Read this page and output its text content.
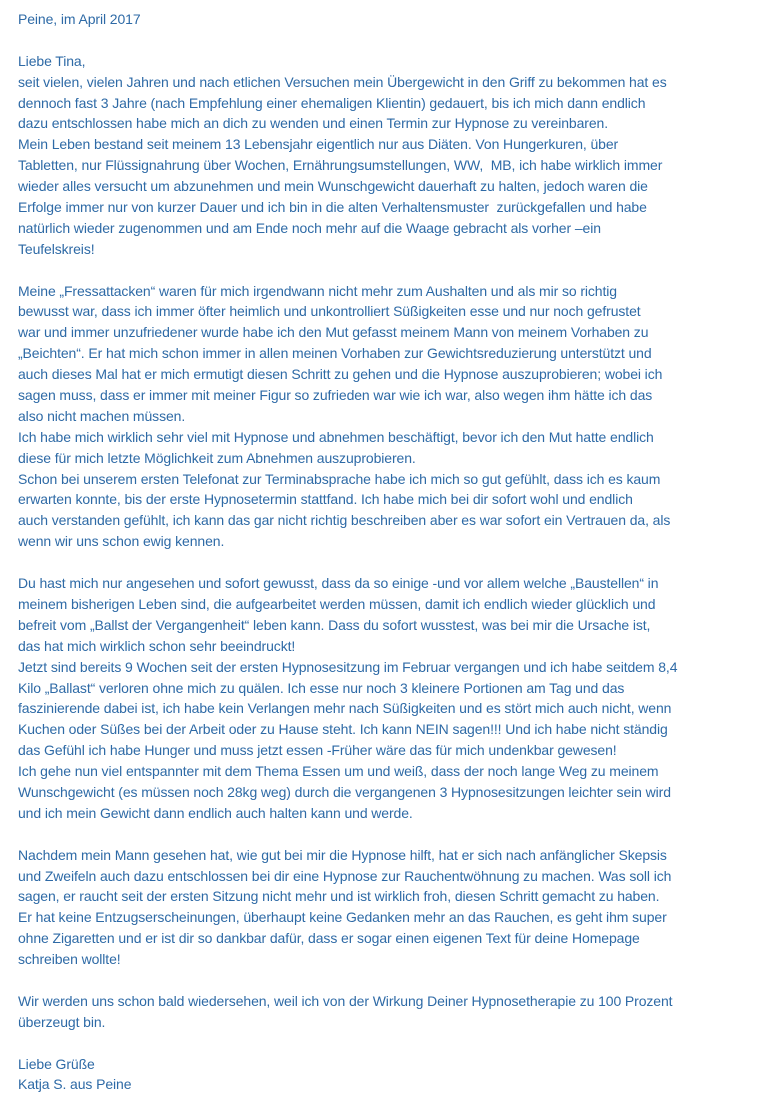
Peine, im April 2017
Liebe Tina,
seit vielen, vielen Jahren und nach etlichen Versuchen mein Übergewicht in den Griff zu bekommen hat es
dennoch fast 3 Jahre (nach Empfehlung einer ehemaligen Klientin) gedauert, bis ich mich dann endlich
dazu entschlossen habe mich an dich zu wenden und einen Termin zur Hypnose zu vereinbaren.
Mein Leben bestand seit meinem 13 Lebensjahr eigentlich nur aus Diäten. Von Hungerkuren, über
Tabletten, nur Flüssignahrung über Wochen, Ernährungsumstellungen, WW,  MB, ich habe wirklich immer
wieder alles versucht um abzunehmen und mein Wunschgewicht dauerhaft zu halten, jedoch waren die
Erfolge immer nur von kurzer Dauer und ich bin in die alten Verhaltensmuster  zurückgefallen und habe
natürlich wieder zugenommen und am Ende noch mehr auf die Waage gebracht als vorher –ein
Teufelskreis!
Meine „Fressattacken“ waren für mich irgendwann nicht mehr zum Aushalten und als mir so richtig
bewusst war, dass ich immer öfter heimlich und unkontrolliert Süßigkeiten esse und nur noch gefrustet
war und immer unzufriedener wurde habe ich den Mut gefasst meinem Mann von meinem Vorhaben zu
„Beichten“. Er hat mich schon immer in allen meinen Vorhaben zur Gewichtsreduzierung unterstützt und
auch dieses Mal hat er mich ermutigt diesen Schritt zu gehen und die Hypnose auszuprobieren; wobei ich
sagen muss, dass er immer mit meiner Figur so zufrieden war wie ich war, also wegen ihm hätte ich das
also nicht machen müssen.
Ich habe mich wirklich sehr viel mit Hypnose und abnehmen beschäftigt, bevor ich den Mut hatte endlich
diese für mich letzte Möglichkeit zum Abnehmen auszuprobieren.
Schon bei unserem ersten Telefonat zur Terminabsprache habe ich mich so gut gefühlt, dass ich es kaum
erwarten konnte, bis der erste Hypnosetermin stattfand. Ich habe mich bei dir sofort wohl und endlich
auch verstanden gefühlt, ich kann das gar nicht richtig beschreiben aber es war sofort ein Vertrauen da, als
wenn wir uns schon ewig kennen.
Du hast mich nur angesehen und sofort gewusst, dass da so einige -und vor allem welche „Baustellen“ in
meinem bisherigen Leben sind, die aufgearbeitet werden müssen, damit ich endlich wieder glücklich und
befreit vom „Ballst der Vergangenheit“ leben kann. Dass du sofort wusstest, was bei mir die Ursache ist,
das hat mich wirklich schon sehr beeindruckt!
Jetzt sind bereits 9 Wochen seit der ersten Hypnosesitzung im Februar vergangen und ich habe seitdem 8,4
Kilo „Ballast“ verloren ohne mich zu quälen. Ich esse nur noch 3 kleinere Portionen am Tag und das
faszinierende dabei ist, ich habe kein Verlangen mehr nach Süßigkeiten und es stört mich auch nicht, wenn
Kuchen oder Süßes bei der Arbeit oder zu Hause steht. Ich kann NEIN sagen!!! Und ich habe nicht ständig
das Gefühl ich habe Hunger und muss jetzt essen -Früher wäre das für mich undenkbar gewesen!
Ich gehe nun viel entspannter mit dem Thema Essen um und weiß, dass der noch lange Weg zu meinem
Wunschgewicht (es müssen noch 28kg weg) durch die vergangenen 3 Hypnosesitzungen leichter sein wird
und ich mein Gewicht dann endlich auch halten kann und werde.
Nachdem mein Mann gesehen hat, wie gut bei mir die Hypnose hilft, hat er sich nach anfänglicher Skepsis
und Zweifeln auch dazu entschlossen bei dir eine Hypnose zur Rauchentwöhnung zu machen. Was soll ich
sagen, er raucht seit der ersten Sitzung nicht mehr und ist wirklich froh, diesen Schritt gemacht zu haben.
Er hat keine Entzugserscheinungen, überhaupt keine Gedanken mehr an das Rauchen, es geht ihm super
ohne Zigaretten und er ist dir so dankbar dafür, dass er sogar einen eigenen Text für deine Homepage
schreiben wollte!
Wir werden uns schon bald wiedersehen, weil ich von der Wirkung Deiner Hypnosetherapie zu 100 Prozent
überzeugt bin.
Liebe Grüße
Katja S. aus Peine
